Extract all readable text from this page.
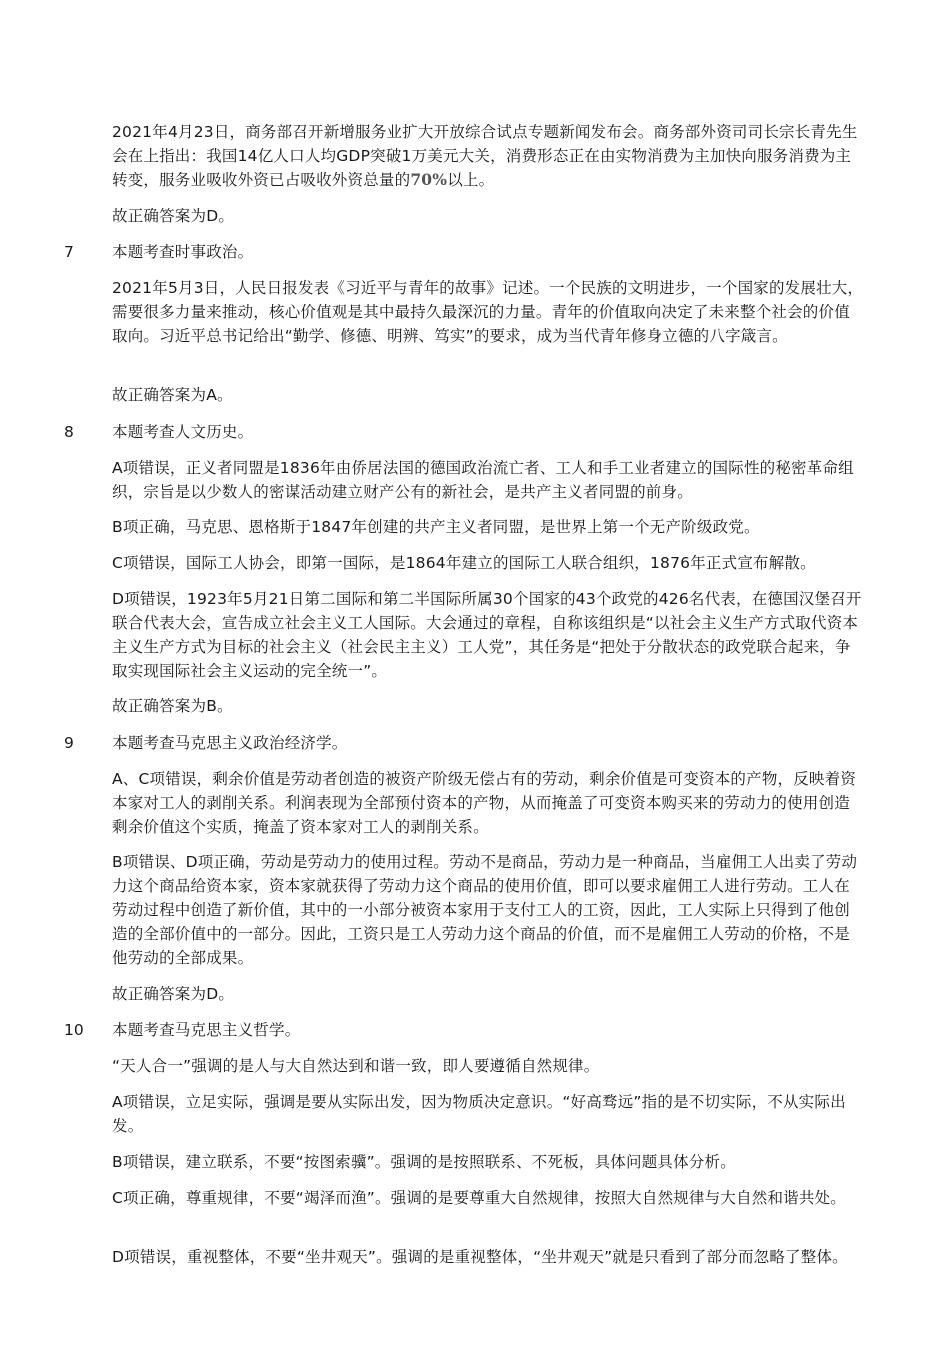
2021年4月23日，商务部召开新增服务业扩大开放综合试点专题新闻发布会。商务部外资司司长宗长青先生会在上指出：我国14亿人口人均GDP突破1万美元大关，消费形态正在由实物消费为主加快向服务消费为主转变，服务业吸收外资已占吸收外资总量的70%以上。

故正确答案为D。

7	本题考查时事政治。

2021年5月3日，人民日报发表《习近平与青年的故事》记述。一个民族的文明进步，一个国家的发展壮大，需要很多力量来推动，核心价值观是其中最持久最深沉的力量。青年的价值取向决定了未来整个社会的价值取向。习近平总书记给出“勤学、修德、明辨、笃实”的要求，成为当代青年修身立德的八字箴言。

故正确答案为A。

8	本题考查人文历史。

A项错误，正义者同盟是1836年由侨居法国的德国政治流亡者、工人和手工业者建立的国际性的秘密革命组织，宗旨是以少数人的密谋活动建立财产公有的新社会，是共产主义者同盟的前身。

B项正确，马克思、恩格斯于1847年创建的共产主义者同盟，是世界上第一个无产阶级政党。

C项错误，国际工人协会，即第一国际，是1864年建立的国际工人联合组织，1876年正式宣布解散。

D项错误，1923年5月21日第二国际和第二半国际所属30个国家的43个政党的426名代表，在德国汉堡召开联合代表大会，宣告成立社会主义工人国际。大会通过的章程，自称该组织是“以社会主义生产方式取代资本主义生产方式为目标的社会主义（社会民主主义）工人党”，其任务是“把处于分散状态的政党联合起来，争取实现国际社会主义运动的完全统一”。

故正确答案为B。

9	本题考查马克思主义政治经济学。

A、C项错误，剩余价值是劳动者创造的被资产阶级无偿占有的劳动，剩余价值是可变资本的产物，反映着资本家对工人的剥削关系。利润表现为全部预付资本的产物，从而掩盖了可变资本购买来的劳动力的使用创造剩余价值这个实质，掩盖了资本家对工人的剥削关系。

B项错误、D项正确，劳动是劳动力的使用过程。劳动不是商品，劳动力是一种商品，当雇佣工人出卖了劳动力这个商品给资本家，资本家就获得了劳动力这个商品的使用价值，即可以要求雇佣工人进行劳动。工人在劳动过程中创造了新价值，其中的一小部分被资本家用于支付工人的工资，因此，工人实际上只得到了他创造的全部价值中的一部分。因此，工资只是工人劳动力这个商品的价值，而不是雇佣工人劳动的价格，不是他劳动的全部成果。

故正确答案为D。

10	本题考查马克思主义哲学。

“天人合一”强调的是人与大自然达到和谐一致，即人要遵循自然规律。

A项错误，立足实际，强调是要从实际出发，因为物质决定意识。“好高骛远”指的是不切实际，不从实际出发。

B项错误，建立联系，不要“按图索骥”。强调的是按照联系、不死板，具体问题具体分析。

C项正确，尊重规律，不要“竭泽而渔”。强调的是要尊重大自然规律，按照大自然规律与大自然和谐共处。

D项错误，重视整体，不要“坐井观天”。强调的是重视整体，“坐井观天”就是只看到了部分而忽略了整体。
